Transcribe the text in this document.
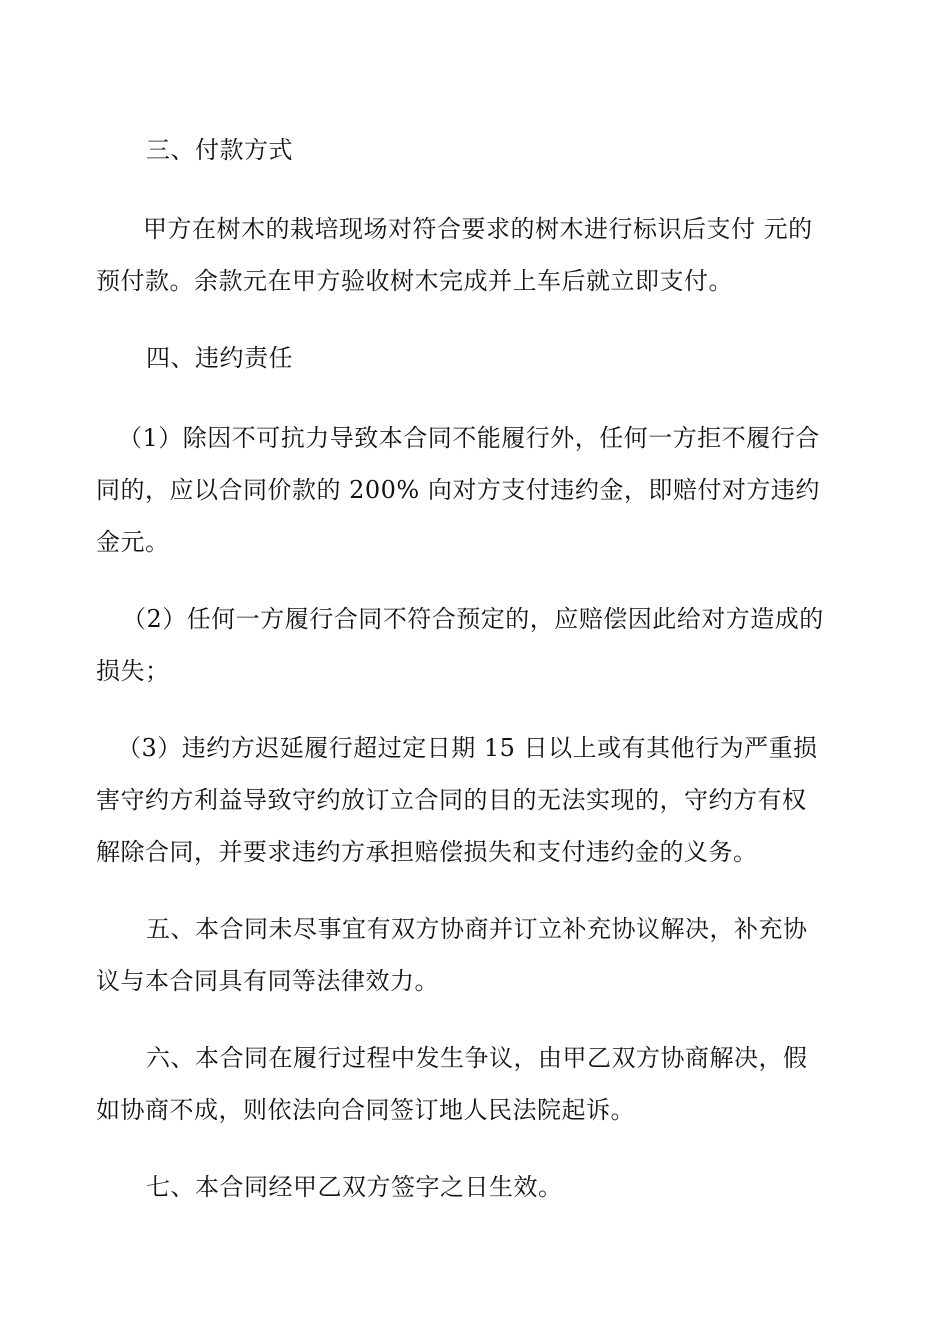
三、付款方式
甲方在树木的栽培现场对符合要求的树木进行标识后支付 元的
预付款。余款元在甲方验收树木完成并上车后就立即支付。
四、违约责任
（1）除因不可抗力导致本合同不能履行外，任何一方拒不履行合
同的，应以合同价款的 200% 向对方支付违约金，即赔付对方违约
金元。
（2）任何一方履行合同不符合预定的，应赔偿因此给对方造成的
损失；
（3）违约方迟延履行超过定日期 15 日以上或有其他行为严重损
害守约方利益导致守约放订立合同的目的无法实现的，守约方有权
解除合同，并要求违约方承担赔偿损失和支付违约金的义务。
五、本合同未尽事宜有双方协商并订立补充协议解决，补充协
议与本合同具有同等法律效力。
六、本合同在履行过程中发生争议，由甲乙双方协商解决，假
如协商不成，则依法向合同签订地人民法院起诉。
七、本合同经甲乙双方签字之日生效。
